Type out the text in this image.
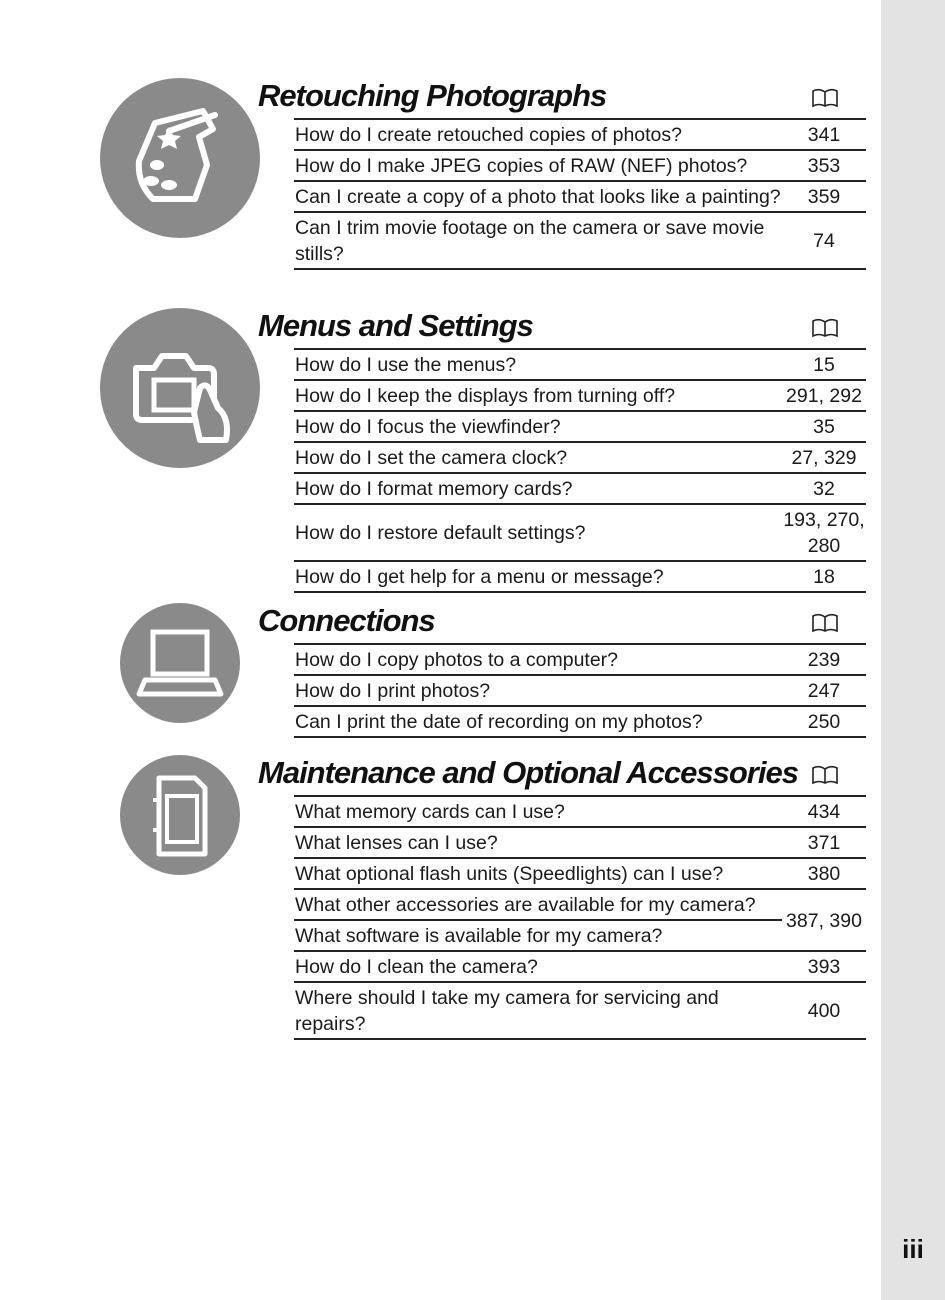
iii
Retouching Photographs
How do I create retouched copies of photos?	341
How do I make JPEG copies of RAW (NEF) photos?	353
Can I create a copy of a photo that looks like a painting?	359
Can I trim movie footage on the camera or save movie stills?	74
Menus and Settings
How do I use the menus?	15
How do I keep the displays from turning off?	291, 292
How do I focus the viewfinder?	35
How do I set the camera clock?	27, 329
How do I format memory cards?	32
How do I restore default settings?	193, 270, 280
How do I get help for a menu or message?	18
Connections
How do I copy photos to a computer?	239
How do I print photos?	247
Can I print the date of recording on my photos?	250
Maintenance and Optional Accessories
What memory cards can I use?	434
What lenses can I use?	371
What optional flash units (Speedlights) can I use?	380
What other accessories are available for my camera?	387, 390
What software is available for my camera?	
How do I clean the camera?	393
Where should I take my camera for servicing and repairs?	400
